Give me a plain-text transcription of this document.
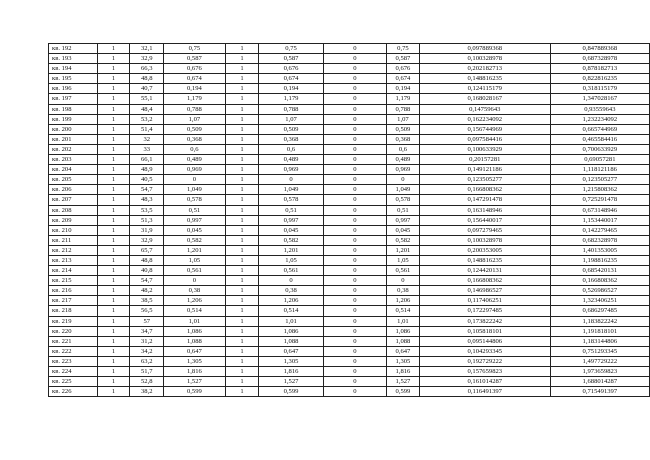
кв. 192	1	32,1	0,75	1	0,75	0	0,75	0,097889368	0,847889368
кв. 193	1	32,9	0,587	1	0,587	0	0,587	0,100328978	0,687328978
кв. 194	1	66,3	0,676	1	0,676	0	0,676	0,202182713	0,878182713
кв. 195	1	48,8	0,674	1	0,674	0	0,674	0,148816235	0,822816235
кв. 196	1	40,7	0,194	1	0,194	0	0,194	0,124115179	0,318115179
кв. 197	1	55,1	1,179	1	1,179	0	1,179	0,168028167	1,347028167
кв. 198	1	48,4	0,788	1	0,788	0	0,788	0,14759643	0,93559643
кв. 199	1	53,2	1,07	1	1,07	0	1,07	0,162234092	1,232234092
кв. 200	1	51,4	0,509	1	0,509	0	0,509	0,156744969	0,665744969
кв. 201	1	32	0,368	1	0,368	0	0,368	0,097584416	0,465584416
кв. 202	1	33	0,6	1	0,6	0	0,6	0,100633929	0,700633929
кв. 203	1	66,1	0,489	1	0,489	0	0,489	0,20157281	0,69057281
кв. 204	1	48,9	0,969	1	0,969	0	0,969	0,149121186	1,118121186
кв. 205	1	40,5	0	1	0	0	0	0,123505277	0,123505277
кв. 206	1	54,7	1,049	1	1,049	0	1,049	0,166808362	1,215808362
кв. 207	1	48,3	0,578	1	0,578	0	0,578	0,147291478	0,725291478
кв. 208	1	53,5	0,51	1	0,51	0	0,51	0,163148946	0,673148946
кв. 209	1	51,3	0,997	1	0,997	0	0,997	0,156440017	1,153440017
кв. 210	1	31,9	0,045	1	0,045	0	0,045	0,097279465	0,142279465
кв. 211	1	32,9	0,582	1	0,582	0	0,582	0,100328978	0,682328978
кв. 212	1	65,7	1,201	1	1,201	0	1,201	0,200353005	1,401353005
кв. 213	1	48,8	1,05	1	1,05	0	1,05	0,148816235	1,198816235
кв. 214	1	40,8	0,561	1	0,561	0	0,561	0,124420131	0,685420131
кв. 215	1	54,7	0	1	0	0	0	0,166808362	0,166808362
кв. 216	1	48,2	0,38	1	0,38	0	0,38	0,146986527	0,526986527
кв. 217	1	38,5	1,206	1	1,206	0	1,206	0,117406251	1,323406251
кв. 218	1	56,5	0,514	1	0,514	0	0,514	0,172297485	0,686297485
кв. 219	1	57	1,01	1	1,01	0	1,01	0,173822242	1,183822242
кв. 220	1	34,7	1,086	1	1,086	0	1,086	0,105818101	1,191818101
кв. 221	1	31,2	1,088	1	1,088	0	1,088	0,095144806	1,183144806
кв. 222	1	34,2	0,647	1	0,647	0	0,647	0,104293345	0,751293345
кв. 223	1	63,2	1,305	1	1,305	0	1,305	0,192729222	1,497729222
кв. 224	1	51,7	1,816	1	1,816	0	1,816	0,157659823	1,973659823
кв. 225	1	52,8	1,527	1	1,527	0	1,527	0,161014287	1,688014287
кв. 226	1	38,2	0,599	1	0,599	0	0,599	0,116491397	0,715491397
